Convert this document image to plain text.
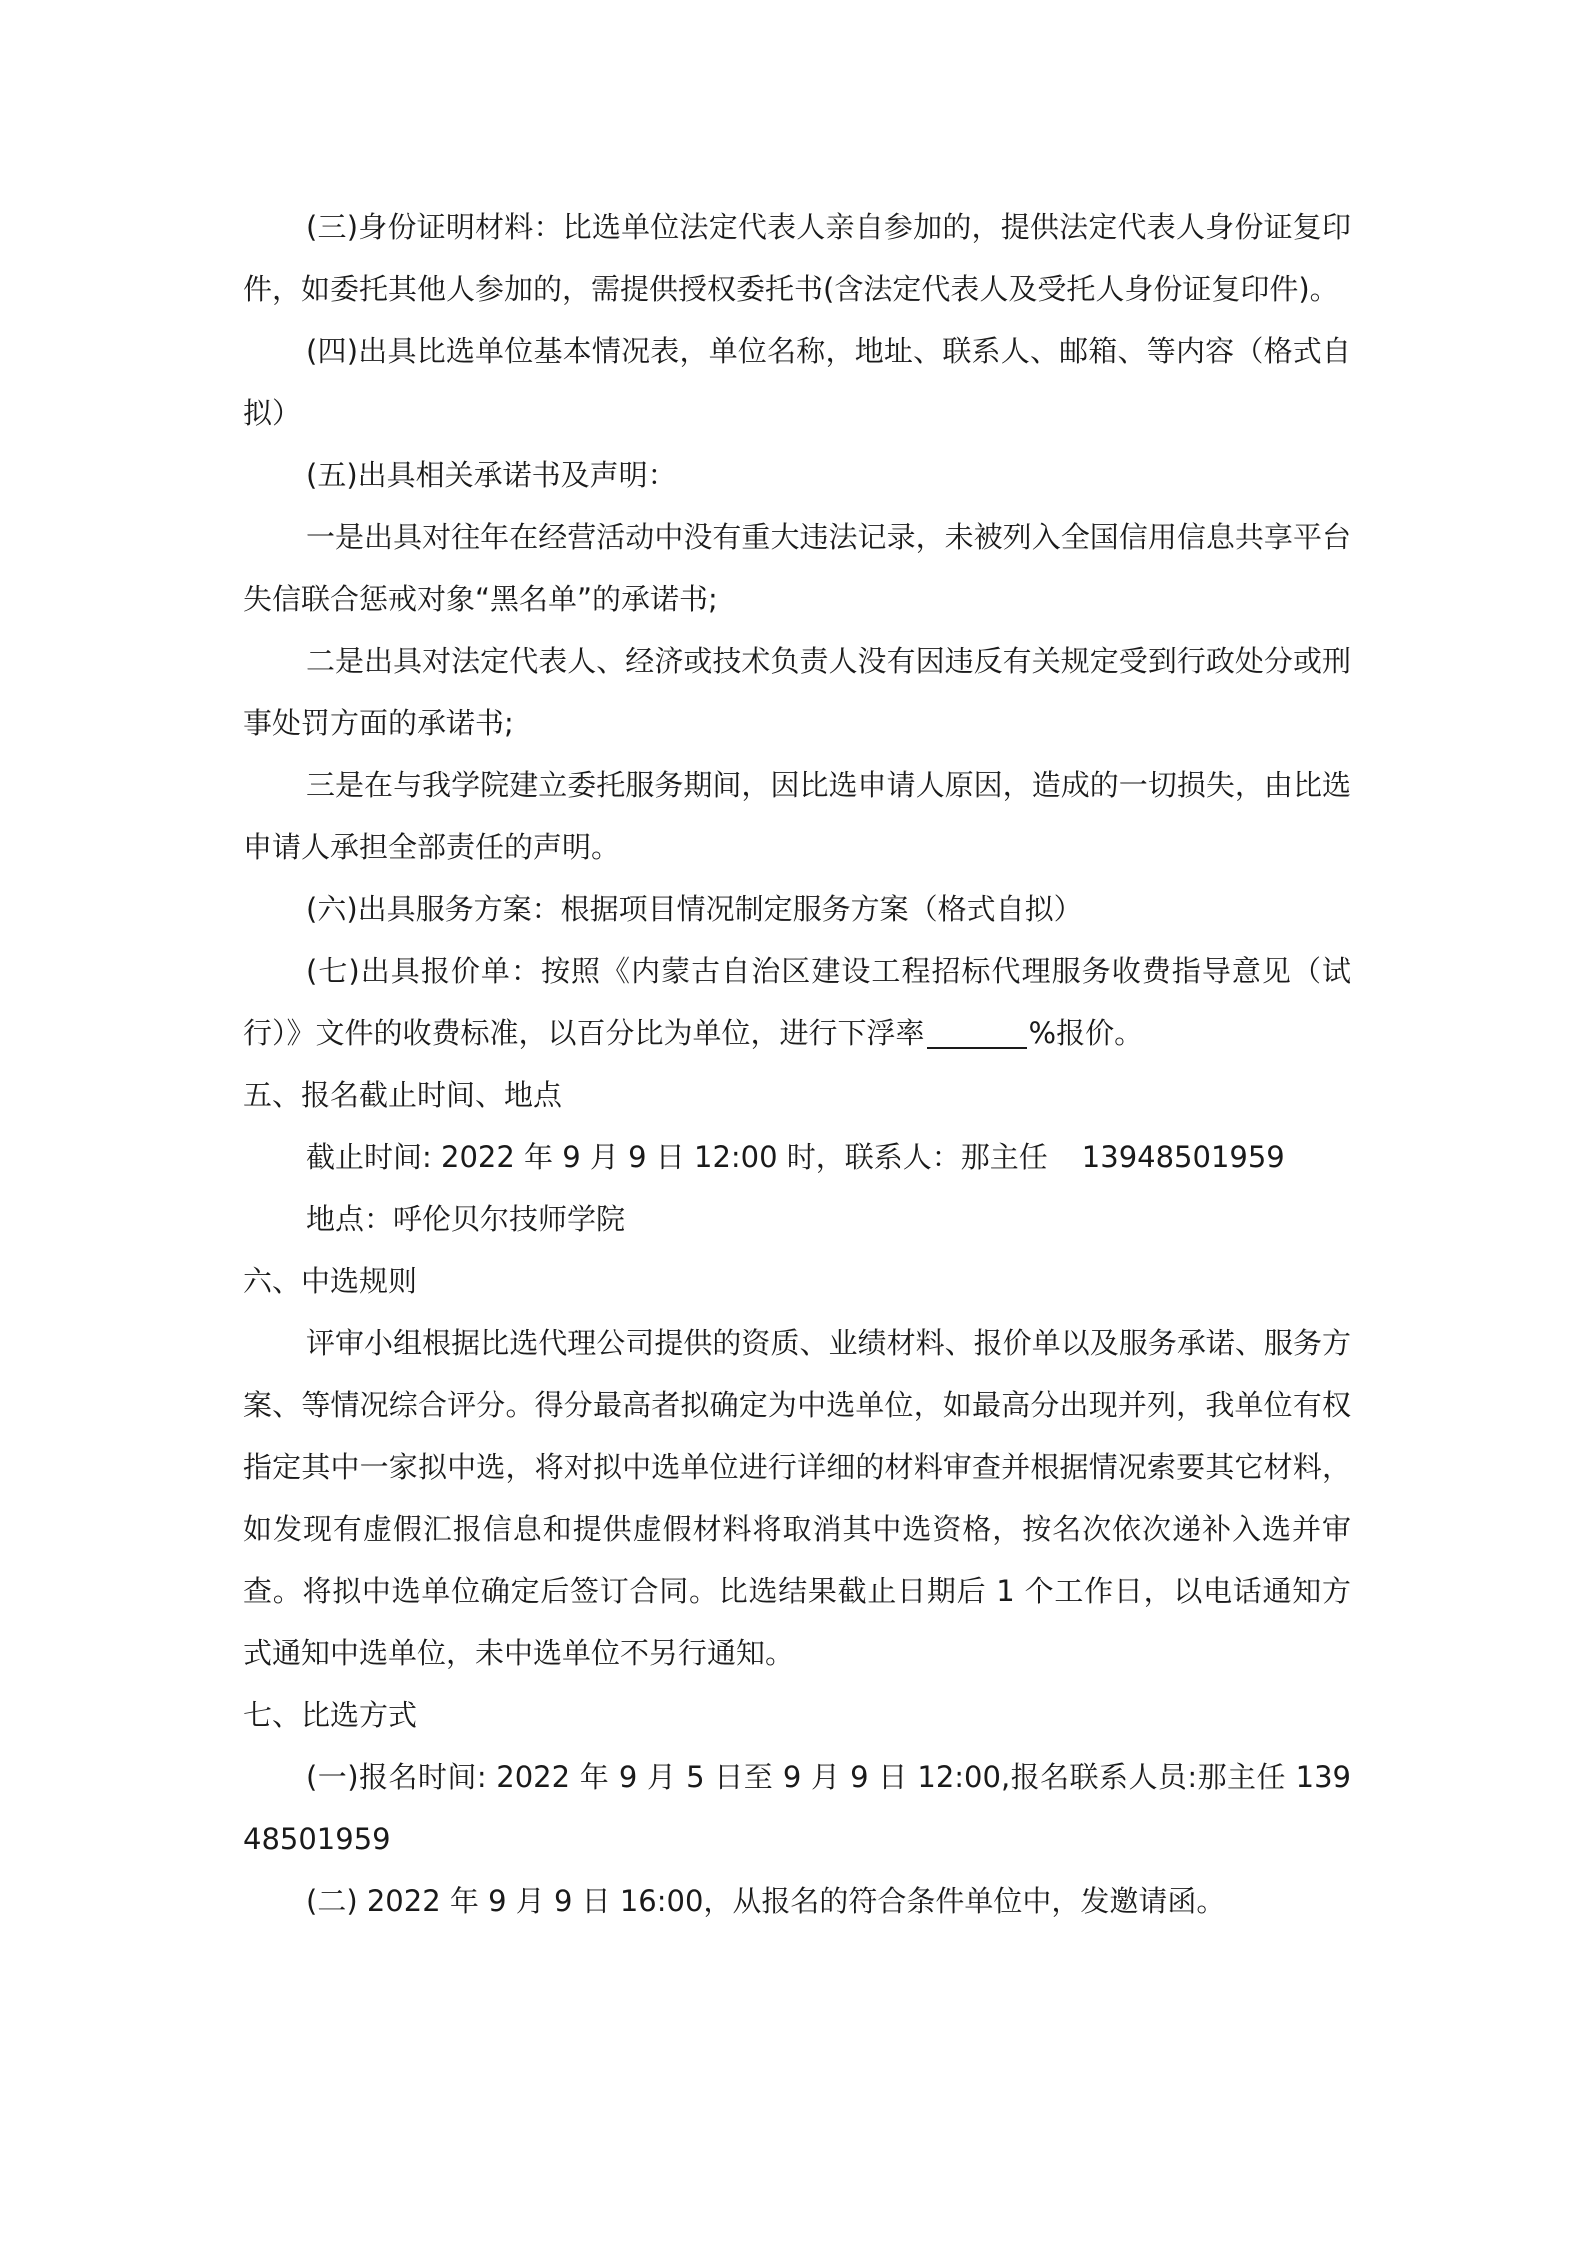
(三)身份证明材料：比选单位法定代表人亲自参加的，提供法定代表人身份证复印件，如委托其他人参加的，需提供授权委托书(含法定代表人及受托人身份证复印件)。

(四)出具比选单位基本情况表，单位名称，地址、联系人、邮箱、等内容（格式自拟）

(五)出具相关承诺书及声明：

一是出具对往年在经营活动中没有重大违法记录，未被列入全国信用信息共享平台失信联合惩戒对象“黑名单”的承诺书;

二是出具对法定代表人、经济或技术负责人没有因违反有关规定受到行政处分或刑事处罚方面的承诺书;

三是在与我学院建立委托服务期间，因比选申请人原因，造成的一切损失，由比选申请人承担全部责任的声明。

(六)出具服务方案：根据项目情况制定服务方案（格式自拟）

(七)出具报价单：按照《内蒙古自治区建设工程招标代理服务收费指导意见（试行）》文件的收费标准，以百分比为单位，进行下浮率	%报价。

五、报名截止时间、地点

截止时间: 2022 年 9 月 9 日 12:00 时，联系人：那主任 13948501959

地点：呼伦贝尔技师学院

六、中选规则

评审小组根据比选代理公司提供的资质、业绩材料、报价单以及服务承诺、服务方案、等情况综合评分。得分最高者拟确定为中选单位，如最高分出现并列，我单位有权指定其中一家拟中选，将对拟中选单位进行详细的材料审查并根据情况索要其它材料，如发现有虚假汇报信息和提供虚假材料将取消其中选资格，按名次依次递补入选并审查。将拟中选单位确定后签订合同。比选结果截止日期后 1 个工作日，以电话通知方式通知中选单位，未中选单位不另行通知。

七、比选方式

(一)报名时间: 2022 年 9 月 5 日至 9 月 9 日 12:00,报名联系人员:那主任 13948501959

(二) 2022 年 9 月 9 日 16:00，从报名的符合条件单位中，发邀请函。
